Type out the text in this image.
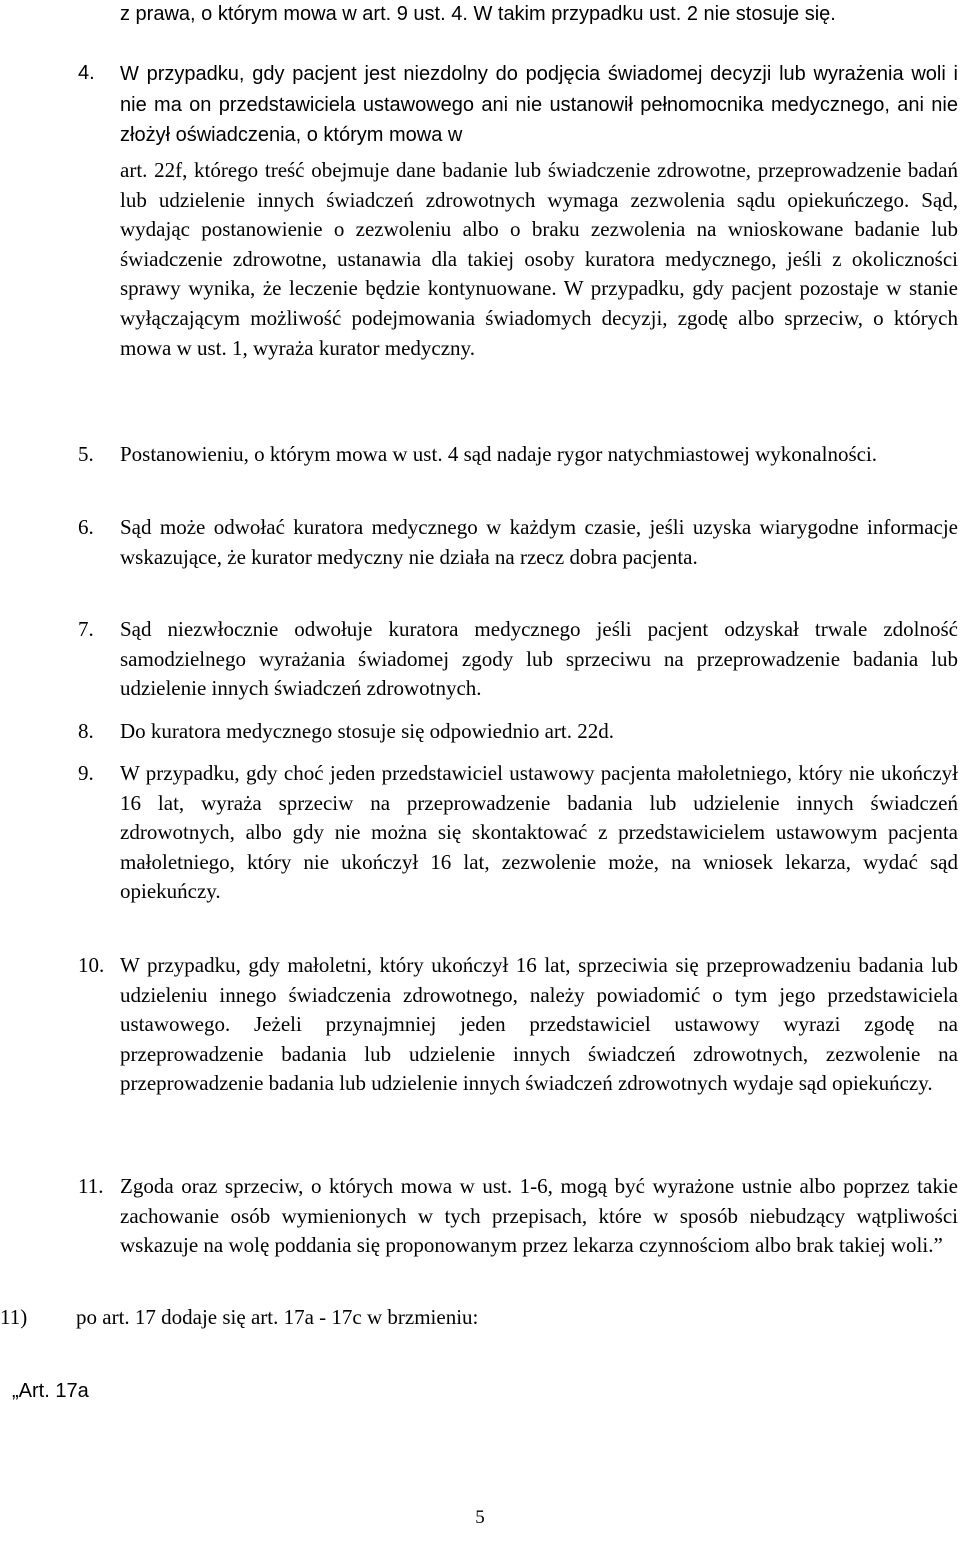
z prawa, o którym mowa w art. 9 ust. 4. W takim przypadku ust. 2 nie stosuje się.

4. W przypadku, gdy pacjent jest niezdolny do podjęcia świadomej decyzji lub wyrażenia woli i nie ma on przedstawiciela ustawowego ani nie ustanowił pełnomocnika medycznego, ani nie złożył oświadczenia, o którym mowa w

art. 22f, którego treść obejmuje dane badanie lub świadczenie zdrowotne, przeprowadzenie badań lub udzielenie innych świadczeń zdrowotnych wymaga zezwolenia sądu opiekuńczego. Sąd, wydając postanowienie o zezwoleniu albo o braku zezwolenia na wnioskowane badanie lub świadczenie zdrowotne, ustanawia dla takiej osoby kuratora medycznego, jeśli z okoliczności sprawy wynika, że leczenie będzie kontynuowane. W przypadku, gdy pacjent pozostaje w stanie wyłączającym możliwość podejmowania świadomych decyzji, zgodę albo sprzeciw, o których mowa w ust. 1, wyraża kurator medyczny.

5. Postanowieniu, o którym mowa w ust. 4 sąd nadaje rygor natychmiastowej wykonalności.

6. Sąd może odwołać kuratora medycznego w każdym czasie, jeśli uzyska wiarygodne informacje wskazujące, że kurator medyczny nie działa na rzecz dobra pacjenta.

7. Sąd niezwłocznie odwołuje kuratora medycznego jeśli pacjent odzyskał trwale zdolność samodzielnego wyrażania świadomej zgody lub sprzeciwu na przeprowadzenie badania lub udzielenie innych świadczeń zdrowotnych.

8. Do kuratora medycznego stosuje się odpowiednio art. 22d.

9. W przypadku, gdy choć jeden przedstawiciel ustawowy pacjenta małoletniego, który nie ukończył 16 lat, wyraża sprzeciw na przeprowadzenie badania lub udzielenie innych świadczeń zdrowotnych, albo gdy nie można się skontaktować z przedstawicielem ustawowym pacjenta małoletniego, który nie ukończył 16 lat, zezwolenie może, na wniosek lekarza, wydać sąd opiekuńczy.

10. W przypadku, gdy małoletni, który ukończył 16 lat, sprzeciwia się przeprowadzeniu badania lub udzieleniu innego świadczenia zdrowotnego, należy powiadomić o tym jego przedstawiciela ustawowego. Jeżeli przynajmniej jeden przedstawiciel ustawowy wyrazi zgodę na przeprowadzenie badania lub udzielenie innych świadczeń zdrowotnych, zezwolenie na przeprowadzenie badania lub udzielenie innych świadczeń zdrowotnych wydaje sąd opiekuńczy.

11. Zgoda oraz sprzeciw, o których mowa w ust. 1-6, mogą być wyrażone ustnie albo poprzez takie zachowanie osób wymienionych w tych przepisach, które w sposób niebudzący wątpliwości wskazuje na wolę poddania się proponowanym przez lekarza czynnościom albo brak takiej woli.”

11) po art. 17 dodaje się art. 17a - 17c w brzmieniu:

„Art. 17a

5
